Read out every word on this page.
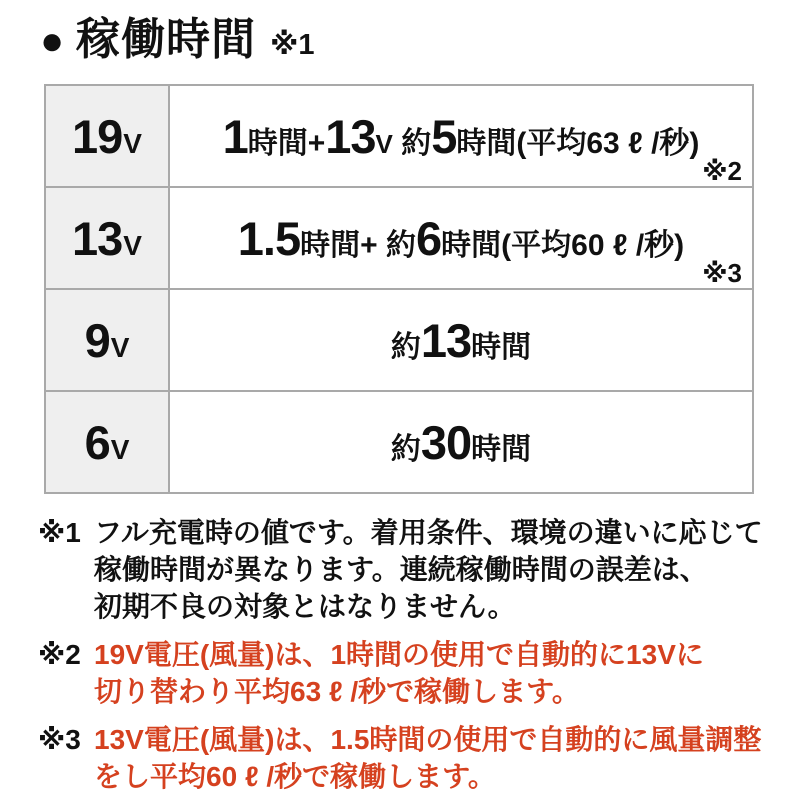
● 稼働時間 ※1
19V	1時間+13V 約5時間(平均63 ℓ /秒)
※2

13V	1.5時間+ 約6時間(平均60 ℓ /秒)
※3

9V	約13時間
6V	約30時間
※1 フル充電時の値です。着用条件、環境の違いに応じて
稼働時間が異なります。連続稼働時間の誤差は、
初期不良の対象とはなりません。
※2 19V電圧(風量)は、1時間の使用で自動的に13Vに
切り替わり平均63 ℓ /秒で稼働します。
※3 13V電圧(風量)は、1.5時間の使用で自動的に風量調整
をし平均60 ℓ /秒で稼働します。
